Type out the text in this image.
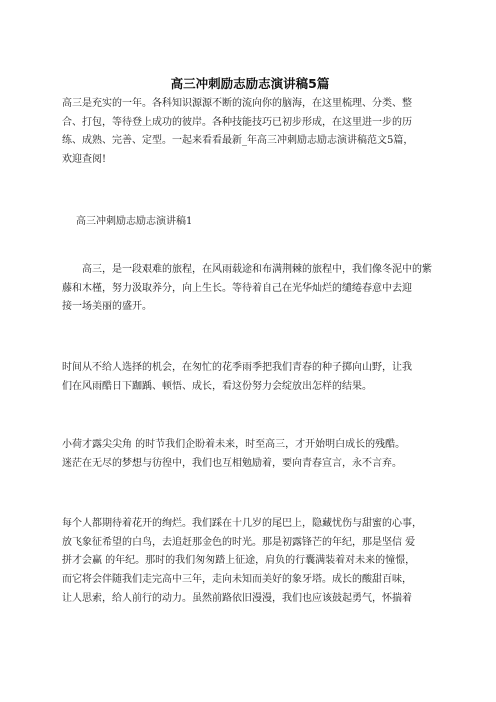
高三冲刺励志励志演讲稿5篇
高三是充实的一年。各科知识源源不断的流向你的脑海，在这里梳理、分类、整
合、打包，等待登上成功的彼岸。各种技能技巧已初步形成，在这里进一步的历
练、成熟、完善、定型。一起来看看最新_年高三冲刺励志励志演讲稿范文5篇，
欢迎查阅!
高三冲刺励志励志演讲稿1
高三，是一段艰难的旅程，在风雨载途和布满荆棘的旅程中，我们像冬泥中的紫
藤和木槿，努力汲取养分，向上生长。等待着自己在光华灿烂的缱绻春意中去迎
接一场美丽的盛开。
时间从不给人选择的机会，在匆忙的花季雨季把我们青春的种子掷向山野，让我
们在风雨酷日下跏踽、顿悟、成长，看这份努力会绽放出怎样的结果。
小荷才露尖尖角 的时节我们企盼着未来，时至高三，才开始明白成长的残酷。
迷茫在无尽的梦想与彷徨中，我们也互相勉励着，要向青春宣言，永不言弃。
每个人都期待着花开的绚烂。我们踩在十几岁的尾巴上，隐藏忧伤与甜蜜的心事，
放飞象征希望的白鸟，去追赶那金色的时光。那是初露锋芒的年纪，那是坚信 爱
拼才会赢 的年纪。那时的我们匆匆踏上征途，肩负的行囊满装着对未来的憧憬，
而它将会伴随我们走完高中三年，走向未知而美好的象牙塔。成长的酸甜百味，
让人思索，给人前行的动力。虽然前路依旧漫漫，我们也应该鼓起勇气，怀揣着
